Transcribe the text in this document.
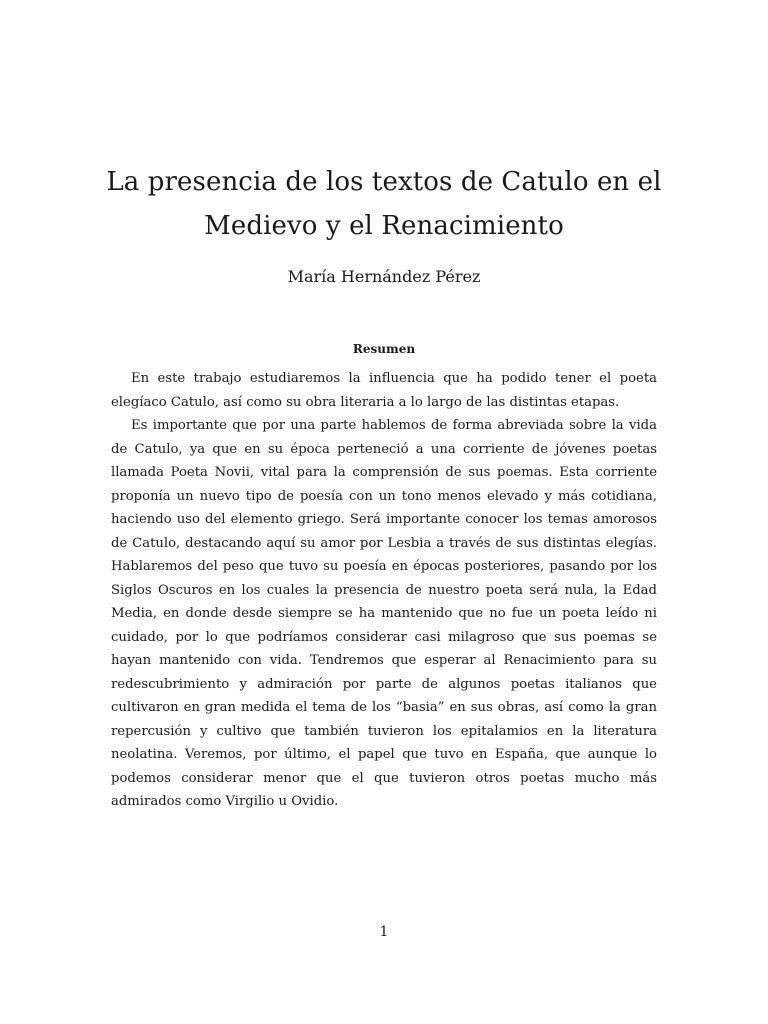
La presencia de los textos de Catulo en el Medievo y el Renacimiento
María Hernández Pérez
Resumen

En este trabajo estudiaremos la influencia que ha podido tener el poeta elegíaco Catulo, así como su obra literaria a lo largo de las distintas etapas.

Es importante que por una parte hablemos de forma abreviada sobre la vida de Catulo, ya que en su época perteneció a una corriente de jóvenes poetas llamada Poeta Novii, vital para la comprensión de sus poemas. Esta corriente proponía un nuevo tipo de poesía con un tono menos elevado y más cotidiana, haciendo uso del elemento griego. Será importante conocer los temas amorosos de Catulo, destacando aquí su amor por Lesbia a través de sus distintas elegías. Hablaremos del peso que tuvo su poesía en épocas posteriores, pasando por los Siglos Oscuros en los cuales la presencia de nuestro poeta será nula, la Edad Media, en donde desde siempre se ha mantenido que no fue un poeta leído ni cuidado, por lo que podríamos considerar casi milagroso que sus poemas se hayan mantenido con vida. Tendremos que esperar al Renacimiento para su redescubrimiento y admiración por parte de algunos poetas italianos que cultivaron en gran medida el tema de los “basia” en sus obras, así como la gran repercusión y cultivo que también tuvieron los epitalamios en la literatura neolatina. Veremos, por último, el papel que tuvo en España, que aunque lo podemos considerar menor que el que tuvieron otros poetas mucho más admirados como Virgilio u Ovidio.

1
